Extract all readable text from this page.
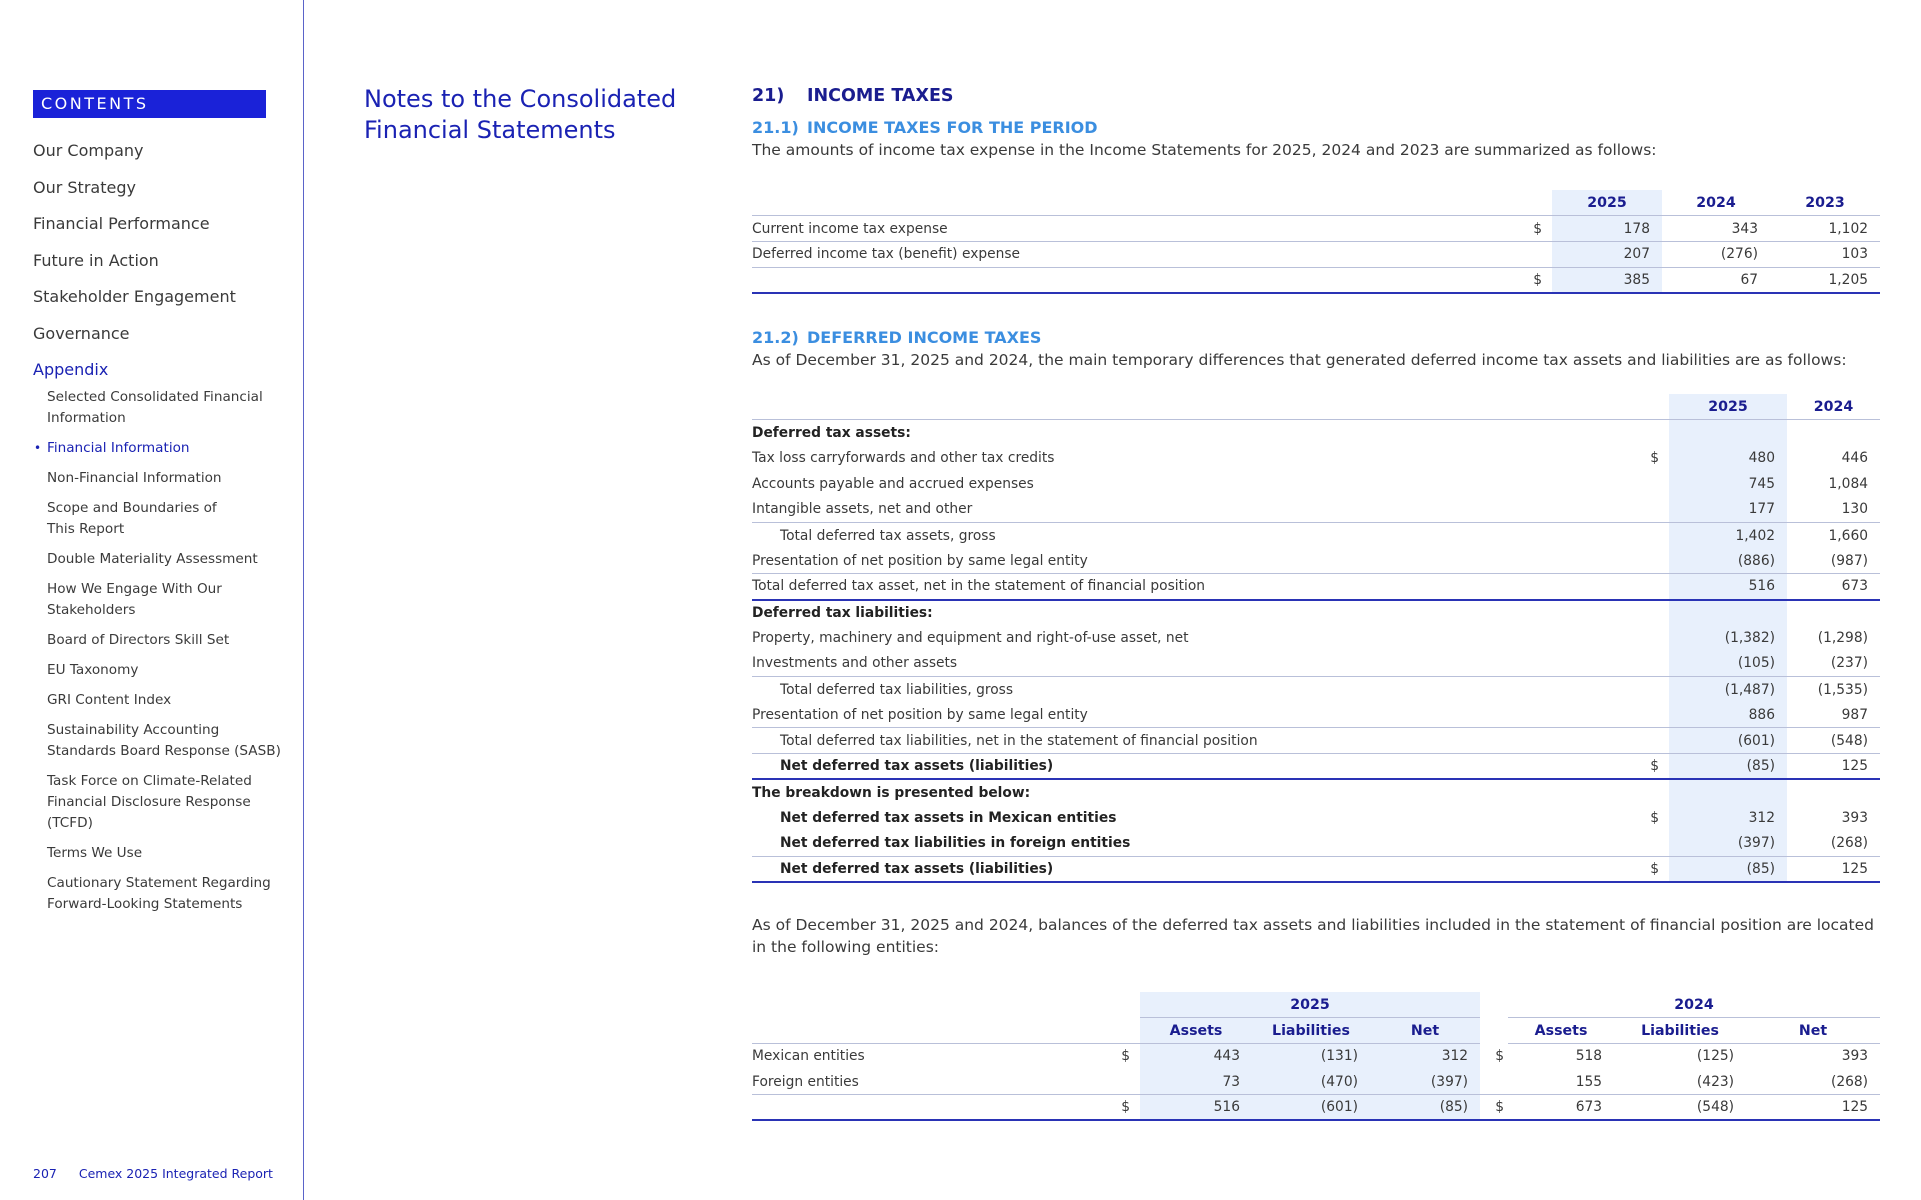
CONTENTS
Our Company
Our Strategy
Financial Performance
Future in Action
Stakeholder Engagement
Governance
Appendix
Selected Consolidated Financial Information
• Financial Information
Non-Financial Information
Scope and Boundaries of This Report
Double Materiality Assessment
How We Engage With Our Stakeholders
Board of Directors Skill Set
EU Taxonomy
GRI Content Index
Sustainability Accounting Standards Board Response (SASB)
Task Force on Climate-Related Financial Disclosure Response (TCFD)
Terms We Use
Cautionary Statement Regarding Forward-Looking Statements
207 Cemex 2025 Integrated Report
Notes to the Consolidated Financial Statements
21) INCOME TAXES
21.1) INCOME TAXES FOR THE PERIOD
The amounts of income tax expense in the Income Statements for 2025, 2024 and 2023 are summarized as follows:
		2025	2024	2023
Current income tax expense	$	178	343	1,102
Deferred income tax (benefit) expense		207	(276)	103
	$	385	67	1,205
21.2) DEFERRED INCOME TAXES
As of December 31, 2025 and 2024, the main temporary differences that generated deferred income tax assets and liabilities are as follows:
		2025	2024
Deferred tax assets:			
Tax loss carryforwards and other tax credits	$	480	446
Accounts payable and accrued expenses		745	1,084
Intangible assets, net and other		177	130
Total deferred tax assets, gross		1,402	1,660
Presentation of net position by same legal entity		(886)	(987)
Total deferred tax asset, net in the statement of financial position		516	673
Deferred tax liabilities:			
Property, machinery and equipment and right-of-use asset, net		(1,382)	(1,298)
Investments and other assets		(105)	(237)
Total deferred tax liabilities, gross		(1,487)	(1,535)
Presentation of net position by same legal entity		886	987
Total deferred tax liabilities, net in the statement of financial position		(601)	(548)
Net deferred tax assets (liabilities)	$	(85)	125
The breakdown is presented below:			
Net deferred tax assets in Mexican entities	$	312	393
Net deferred tax liabilities in foreign entities		(397)	(268)
Net deferred tax assets (liabilities)	$	(85)	125
As of December 31, 2025 and 2024, balances of the deferred tax assets and liabilities included in the statement of financial position are located in the following entities:
		2025				2024		
		Assets	Liabilities	Net		Assets	Liabilities	Net
Mexican entities	$	443	(131)	312	$	518	(125)	393
Foreign entities		73	(470)	(397)		155	(423)	(268)
	$	516	(601)	(85)	$	673	(548)	125
